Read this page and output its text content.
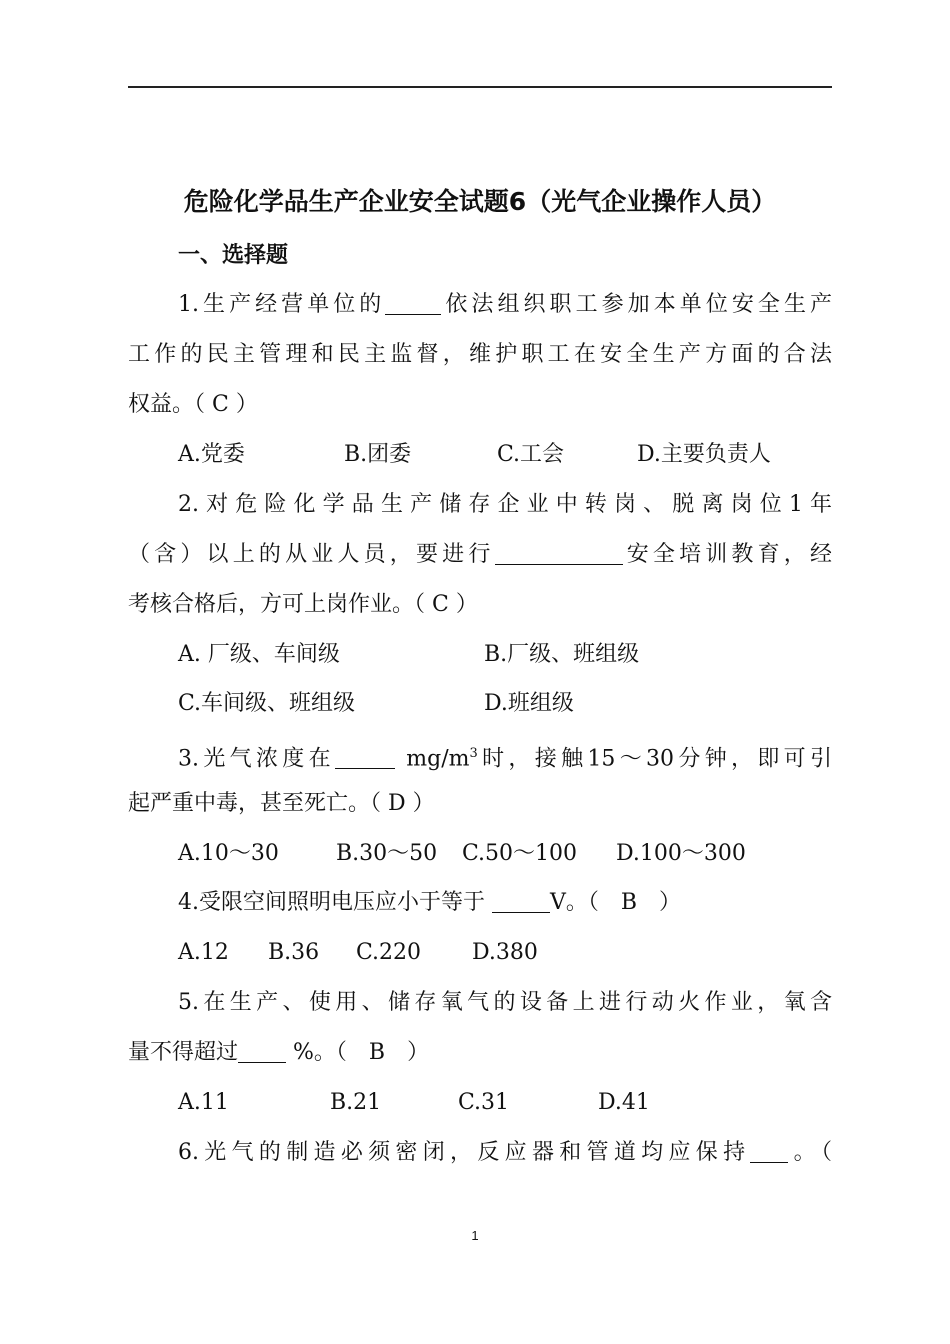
危险化学品生产企业安全试题6（光气企业操作人员）
一、选择题
1.生产经营单位的	依法组织职工参加本单位安全生产
工作的民主管理和民主监督，维护职工在安全生产方面的合法
权益。（ C ）
A.党委	B.团委	C.工会	D.主要负责人
2.对危险化学品生产储存企业中转岗、脱离岗位1年
（含）以上的从业人员，要进行	安全培训教育，经
考核合格后，方可上岗作业。（ C ）
A. 厂级、车间级	B.厂级、班组级
C.车间级、班组级	D.班组级
3.光气浓度在	$mg/m^3$时，接触15～30分钟，即可引
起严重中毒，甚至死亡。（ D ）
A.10～30	B.30～50 C.50～100 D.100～300
4.受限空间照明电压应小于等于	V。（　B　）
A.12 B.36 C.220 D.380
5.在生产、使用、储存氧气的设备上进行动火作业，氧含
量不得超过 %。（　B　）
A.11	B.21	C.31	D.41
6.光气的制造必须密闭，反应器和管道均应保持 。（
1
